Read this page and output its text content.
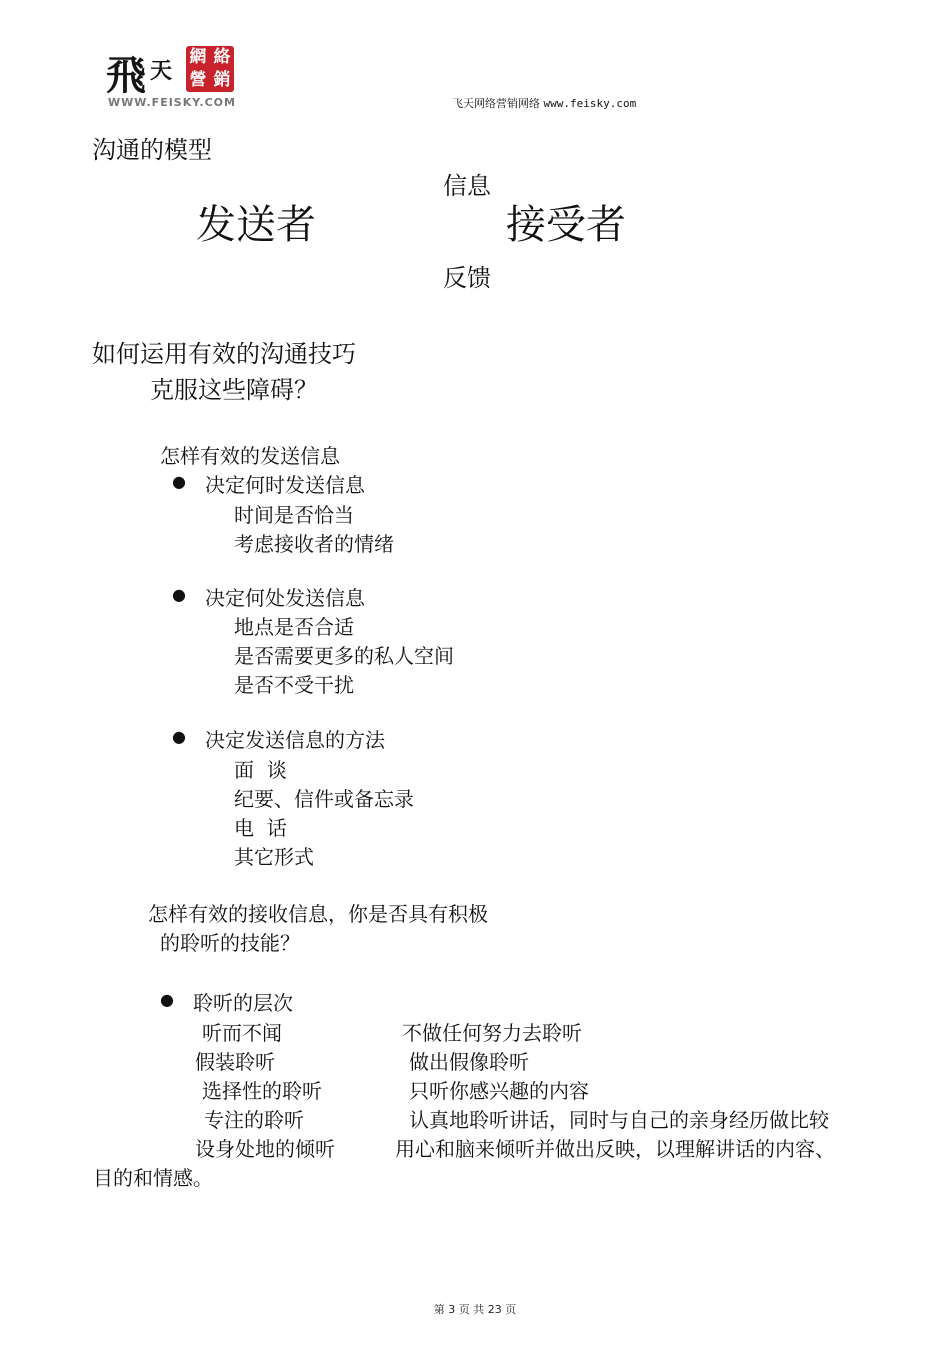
飛 天
網 絡
營 銷
WWW.FEISKY.COM	飞天网络营销网络 www.feisky.com
沟通的模型
信息
发送者	接受者
反馈
如何运用有效的沟通技巧
克服这些障碍？
怎样有效的发送信息
● 决定何时发送信息
时间是否恰当
考虑接收者的情绪
● 决定何处发送信息
地点是否合适
是否需要更多的私人空间
是否不受干扰
● 决定发送信息的方法
面  谈
纪要、信件或备忘录
电  话
其它形式
怎样有效的接收信息，你是否具有积极
的聆听的技能？
● 聆听的层次
听而不闻	不做任何努力去聆听
假装聆听	做出假像聆听
选择性的聆听	只听你感兴趣的内容
专注的聆听	认真地聆听讲话，同时与自己的亲身经历做比较
设身处地的倾听	用心和脑来倾听并做出反映，以理解讲话的内容、
目的和情感。
第 3 页 共 23 页
